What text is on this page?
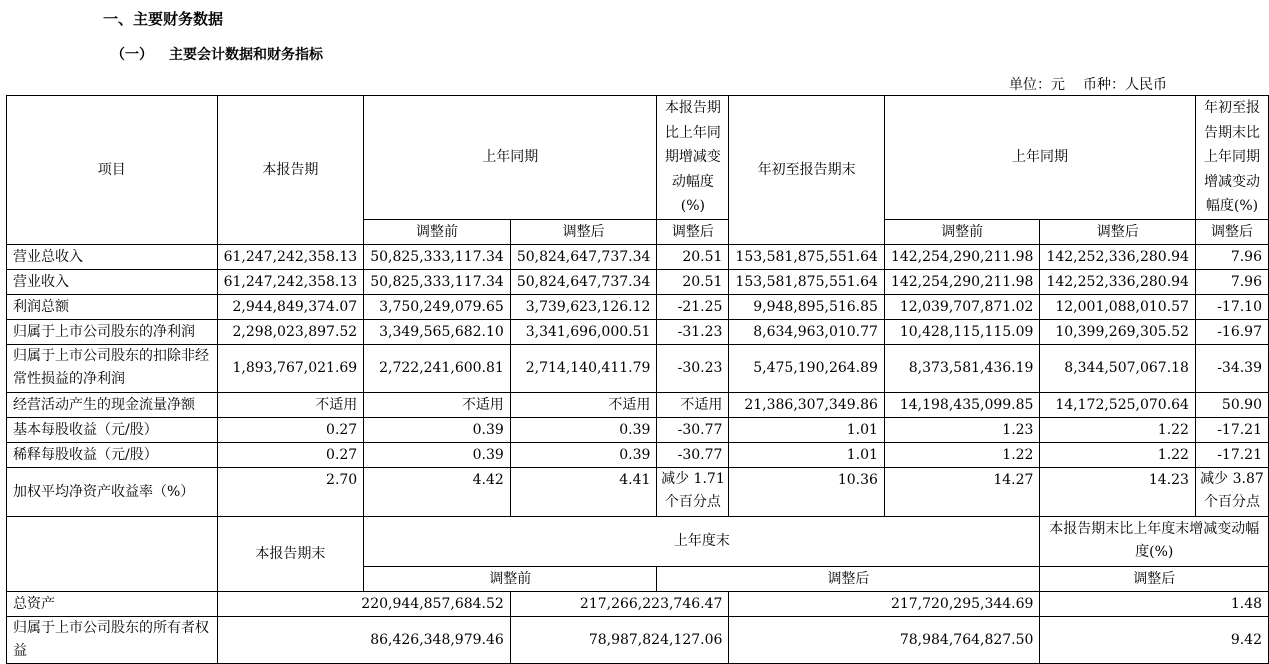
一、主要财务数据
（一） 主要会计数据和财务指标
单位：元 币种：人民币
项目	本报告期	上年同期		本报告期比上年同期增减变动幅度(%)	年初至报告期末	上年同期		年初至报告期末比上年同期增减变动幅度(%)
		调整前	调整后	调整后		调整前	调整后	调整后
营业总收入	61,247,242,358.13	50,825,333,117.34	50,824,647,737.34	20.51	153,581,875,551.64	142,254,290,211.98	142,252,336,280.94	7.96
营业收入	61,247,242,358.13	50,825,333,117.34	50,824,647,737.34	20.51	153,581,875,551.64	142,254,290,211.98	142,252,336,280.94	7.96
利润总额	2,944,849,374.07	3,750,249,079.65	3,739,623,126.12	-21.25	9,948,895,516.85	12,039,707,871.02	12,001,088,010.57	-17.10
归属于上市公司股东的净利润	2,298,023,897.52	3,349,565,682.10	3,341,696,000.51	-31.23	8,634,963,010.77	10,428,115,115.09	10,399,269,305.52	-16.97
归属于上市公司股东的扣除非经常性损益的净利润	1,893,767,021.69	2,722,241,600.81	2,714,140,411.79	-30.23	5,475,190,264.89	8,373,581,436.19	8,344,507,067.18	-34.39
经营活动产生的现金流量净额	不适用	不适用	不适用	不适用	21,386,307,349.86	14,198,435,099.85	14,172,525,070.64	50.90
基本每股收益（元/股）	0.27	0.39	0.39	-30.77	1.01	1.23	1.22	-17.21
稀释每股收益（元/股）	0.27	0.39	0.39	-30.77	1.01	1.22	1.22	-17.21
加权平均净资产收益率（%）	2.70	4.42	4.41	减少 1.71 个百分点	10.36	14.27	14.23	减少 3.87 个百分点
	本报告期末	上年度末					本报告期末比上年度末增减变动幅度(%)	
		调整前		调整后			调整后	
总资产	220,944,857,684.52		217,266,223,746.47		217,720,295,344.69		1.48	
归属于上市公司股东的所有者权益	86,426,348,979.46		78,987,824,127.06		78,984,764,827.50		9.42	
